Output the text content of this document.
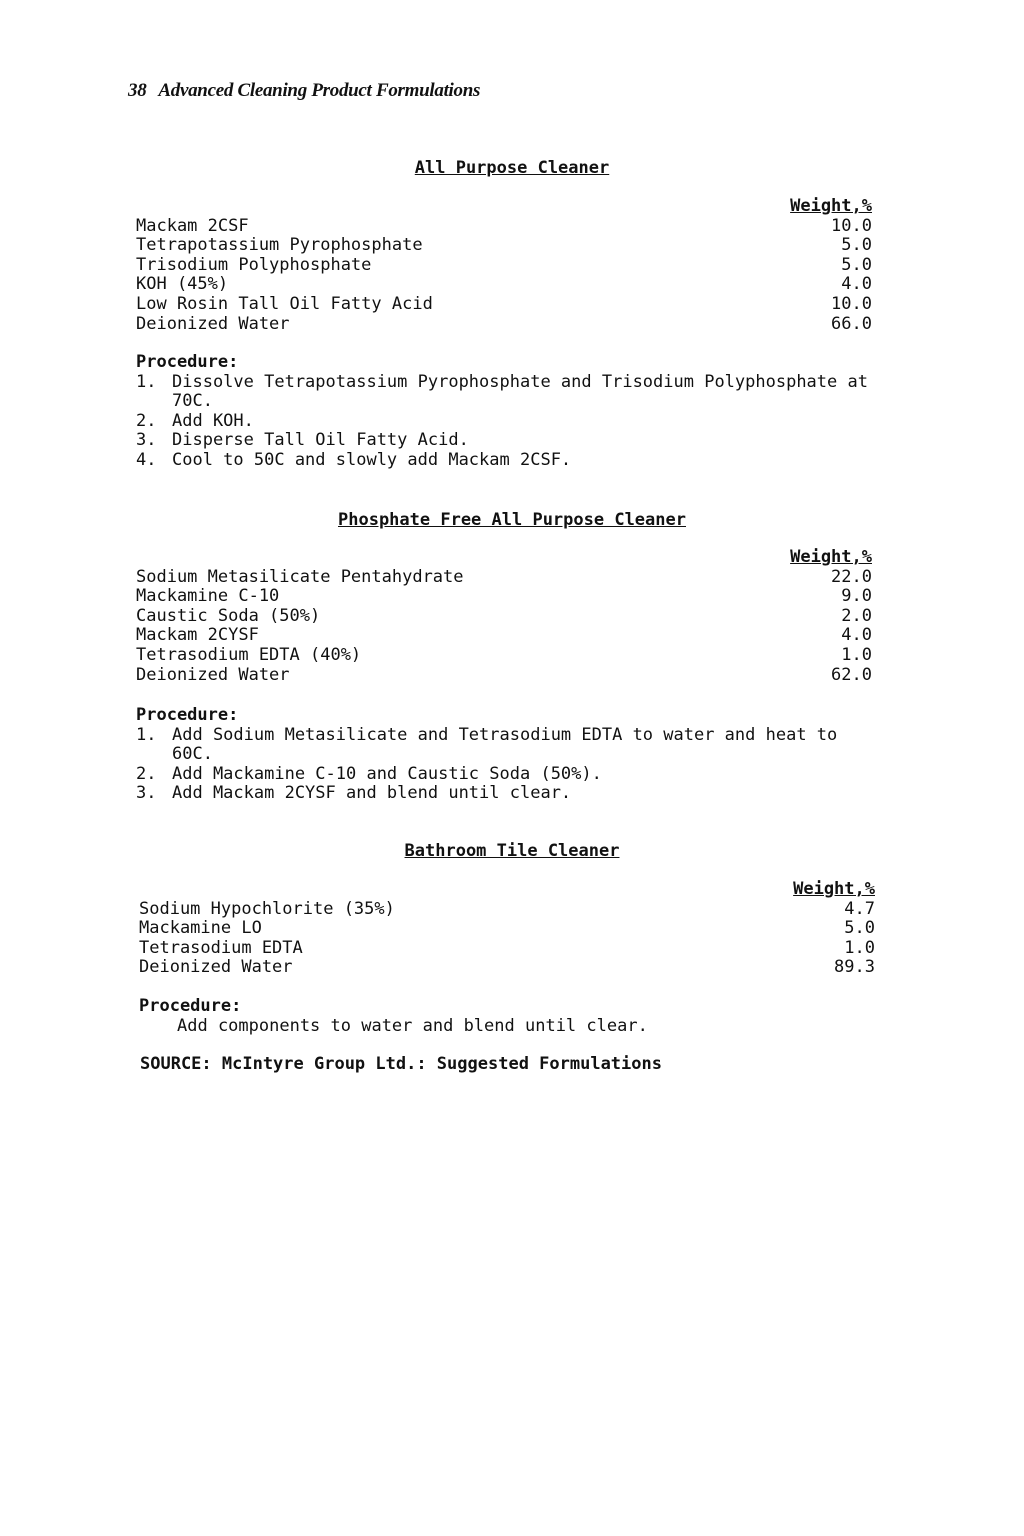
38 Advanced Cleaning Product Formulations
All Purpose Cleaner
Weight,%
Mackam 2CSF	10.0
Tetrapotassium Pyrophosphate	5.0
Trisodium Polyphosphate	5.0
KOH (45%)	4.0
Low Rosin Tall Oil Fatty Acid	10.0
Deionized Water	66.0
Procedure:
1. Dissolve Tetrapotassium Pyrophosphate and Trisodium Polyphosphate at 70C.
2. Add KOH.
3. Disperse Tall Oil Fatty Acid.
4. Cool to 50C and slowly add Mackam 2CSF.
Phosphate Free All Purpose Cleaner
Weight,%
Sodium Metasilicate Pentahydrate	22.0
Mackamine C-10	9.0
Caustic Soda (50%)	2.0
Mackam 2CYSF	4.0
Tetrasodium EDTA (40%)	1.0
Deionized Water	62.0
Procedure:
1. Add Sodium Metasilicate and Tetrasodium EDTA to water and heat to 60C.
2. Add Mackamine C-10 and Caustic Soda (50%).
3. Add Mackam 2CYSF and blend until clear.
Bathroom Tile Cleaner
Weight,%
Sodium Hypochlorite (35%)	4.7
Mackamine LO	5.0
Tetrasodium EDTA	1.0
Deionized Water	89.3
Procedure:
Add components to water and blend until clear.
SOURCE: McIntyre Group Ltd.: Suggested Formulations
